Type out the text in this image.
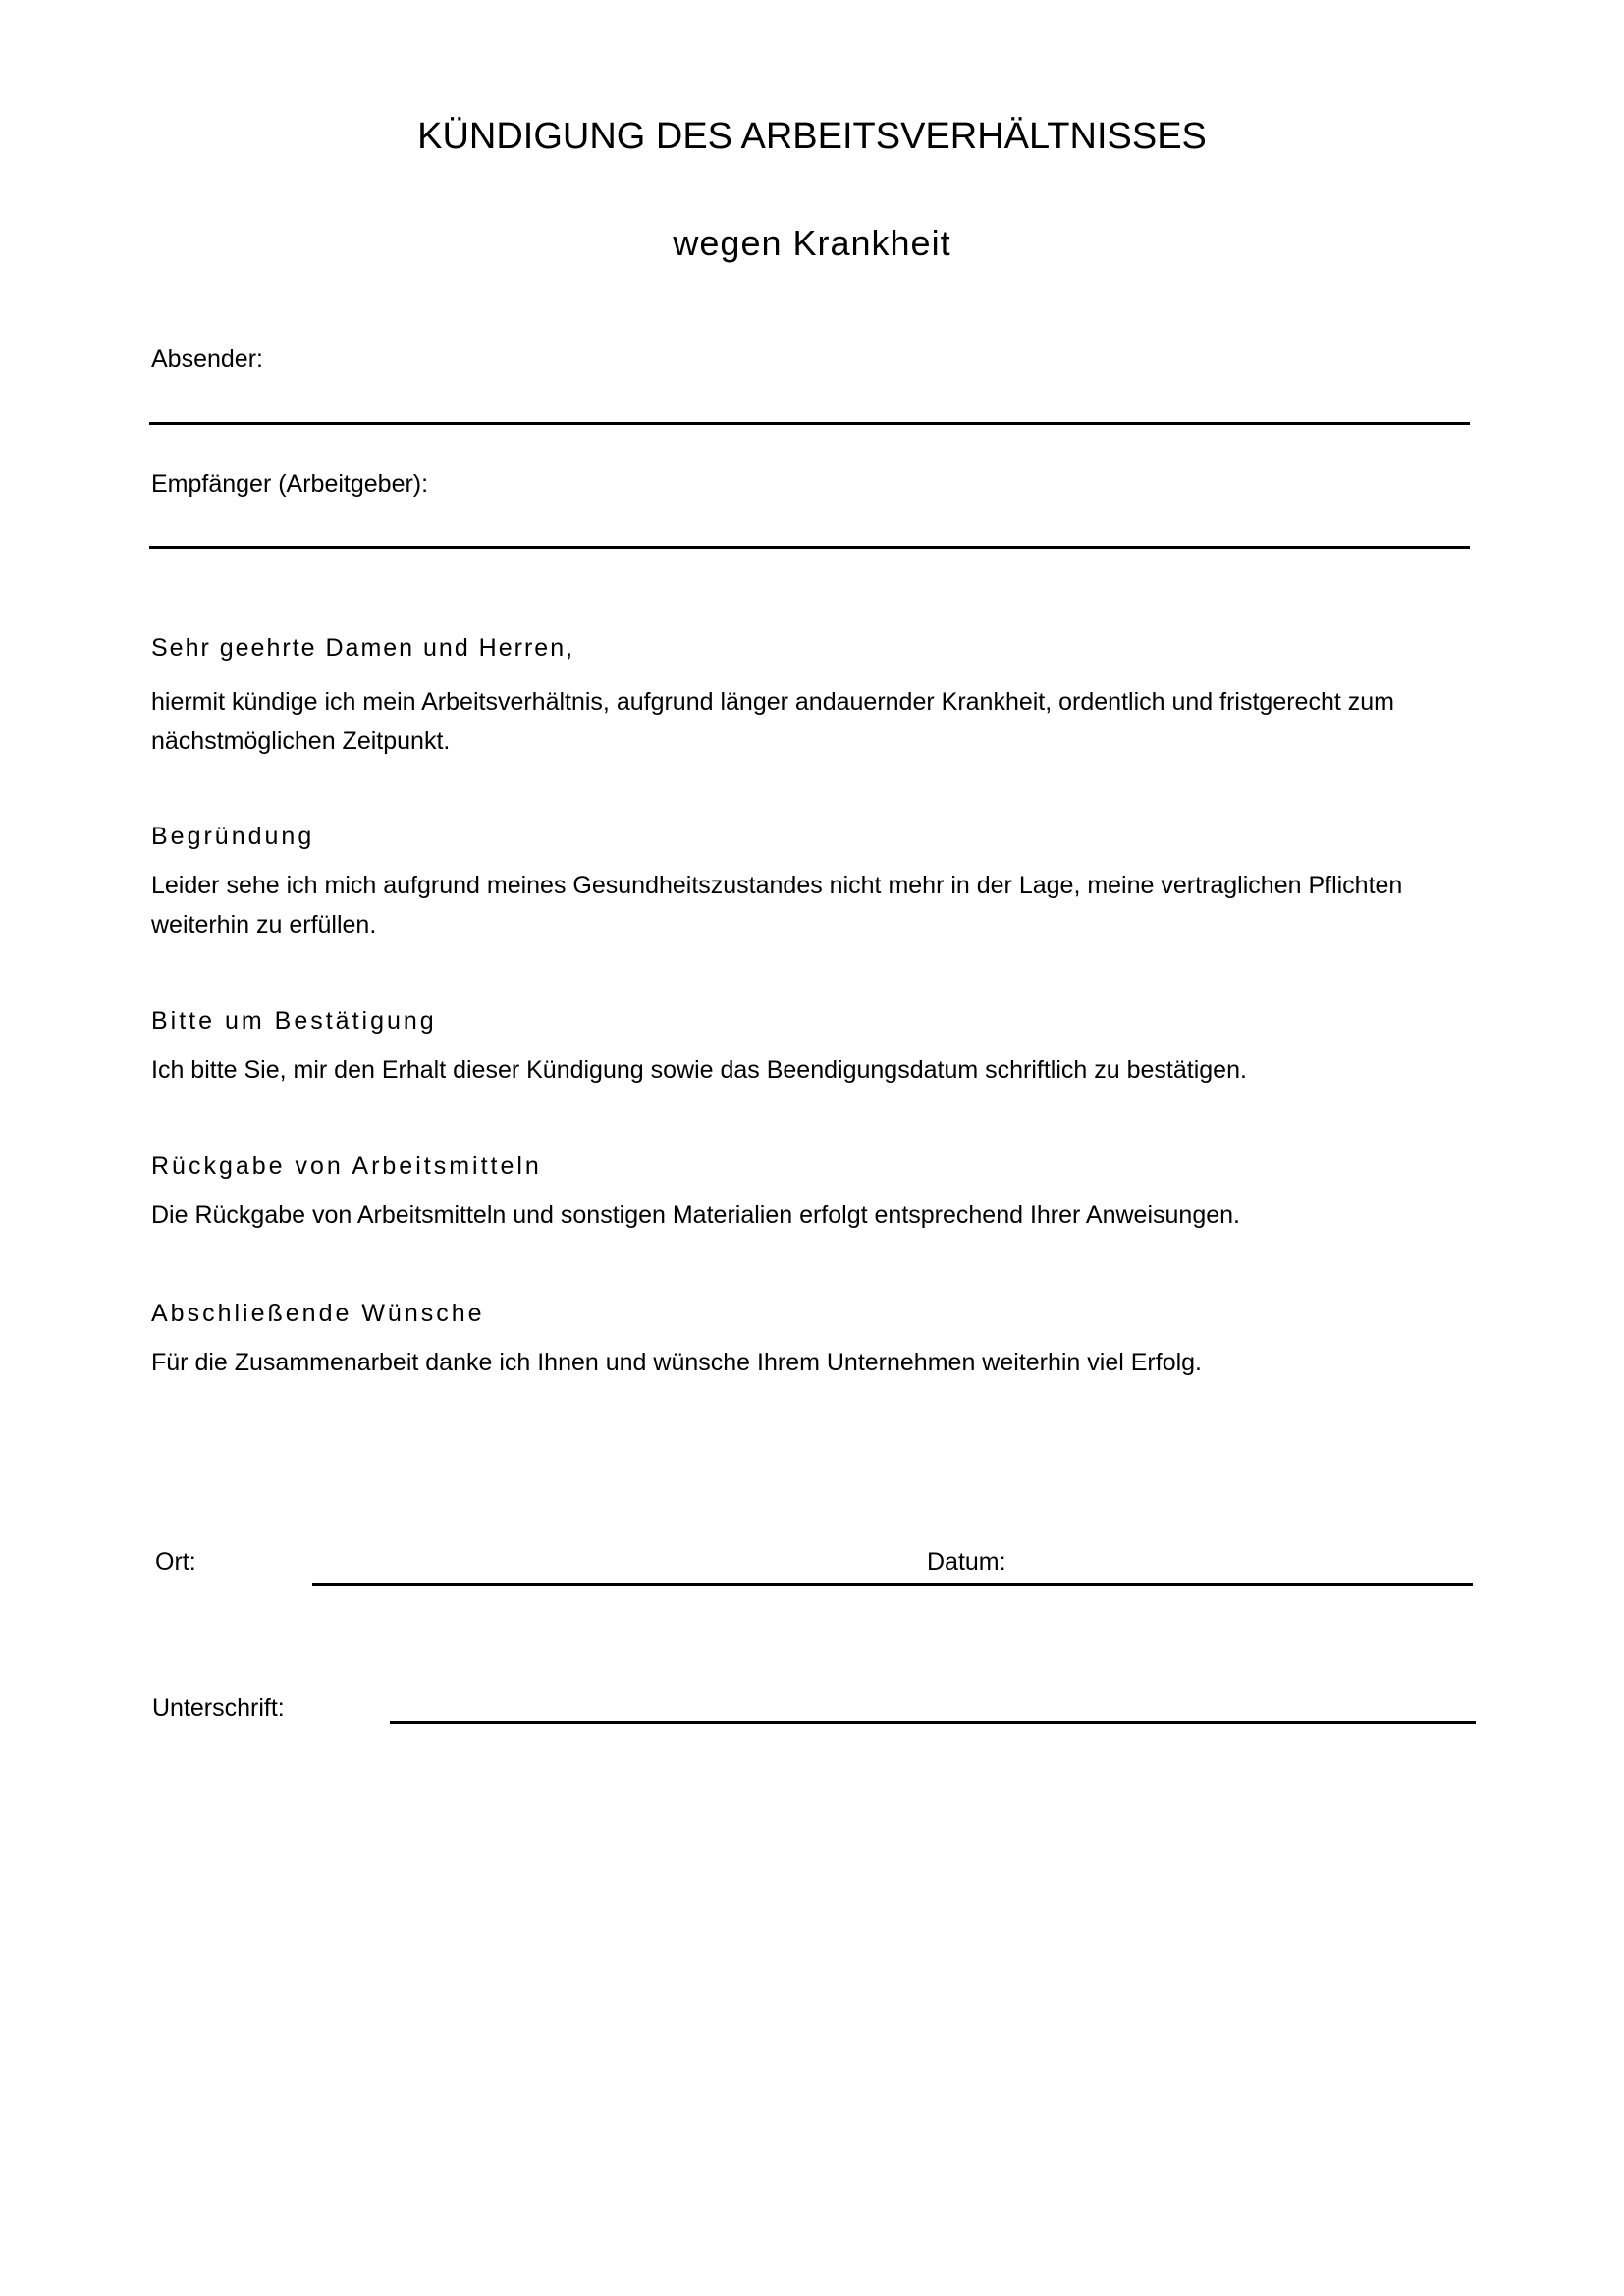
KÜNDIGUNG DES ARBEITSVERHÄLTNISSES
wegen Krankheit
Absender:
Empfänger (Arbeitgeber):
Sehr geehrte Damen und Herren,
hiermit kündige ich mein Arbeitsverhältnis, aufgrund länger andauernder Krankheit, ordentlich und fristgerecht zum nächstmöglichen Zeitpunkt.
Begründung
Leider sehe ich mich aufgrund meines Gesundheitszustandes nicht mehr in der Lage, meine vertraglichen Pflichten weiterhin zu erfüllen.
Bitte um Bestätigung
Ich bitte Sie, mir den Erhalt dieser Kündigung sowie das Beendigungsdatum schriftlich zu bestätigen.
Rückgabe von Arbeitsmitteln
Die Rückgabe von Arbeitsmitteln und sonstigen Materialien erfolgt entsprechend Ihrer Anweisungen.
Abschließende Wünsche
Für die Zusammenarbeit danke ich Ihnen und wünsche Ihrem Unternehmen weiterhin viel Erfolg.
Ort:	Datum:
Unterschrift:
